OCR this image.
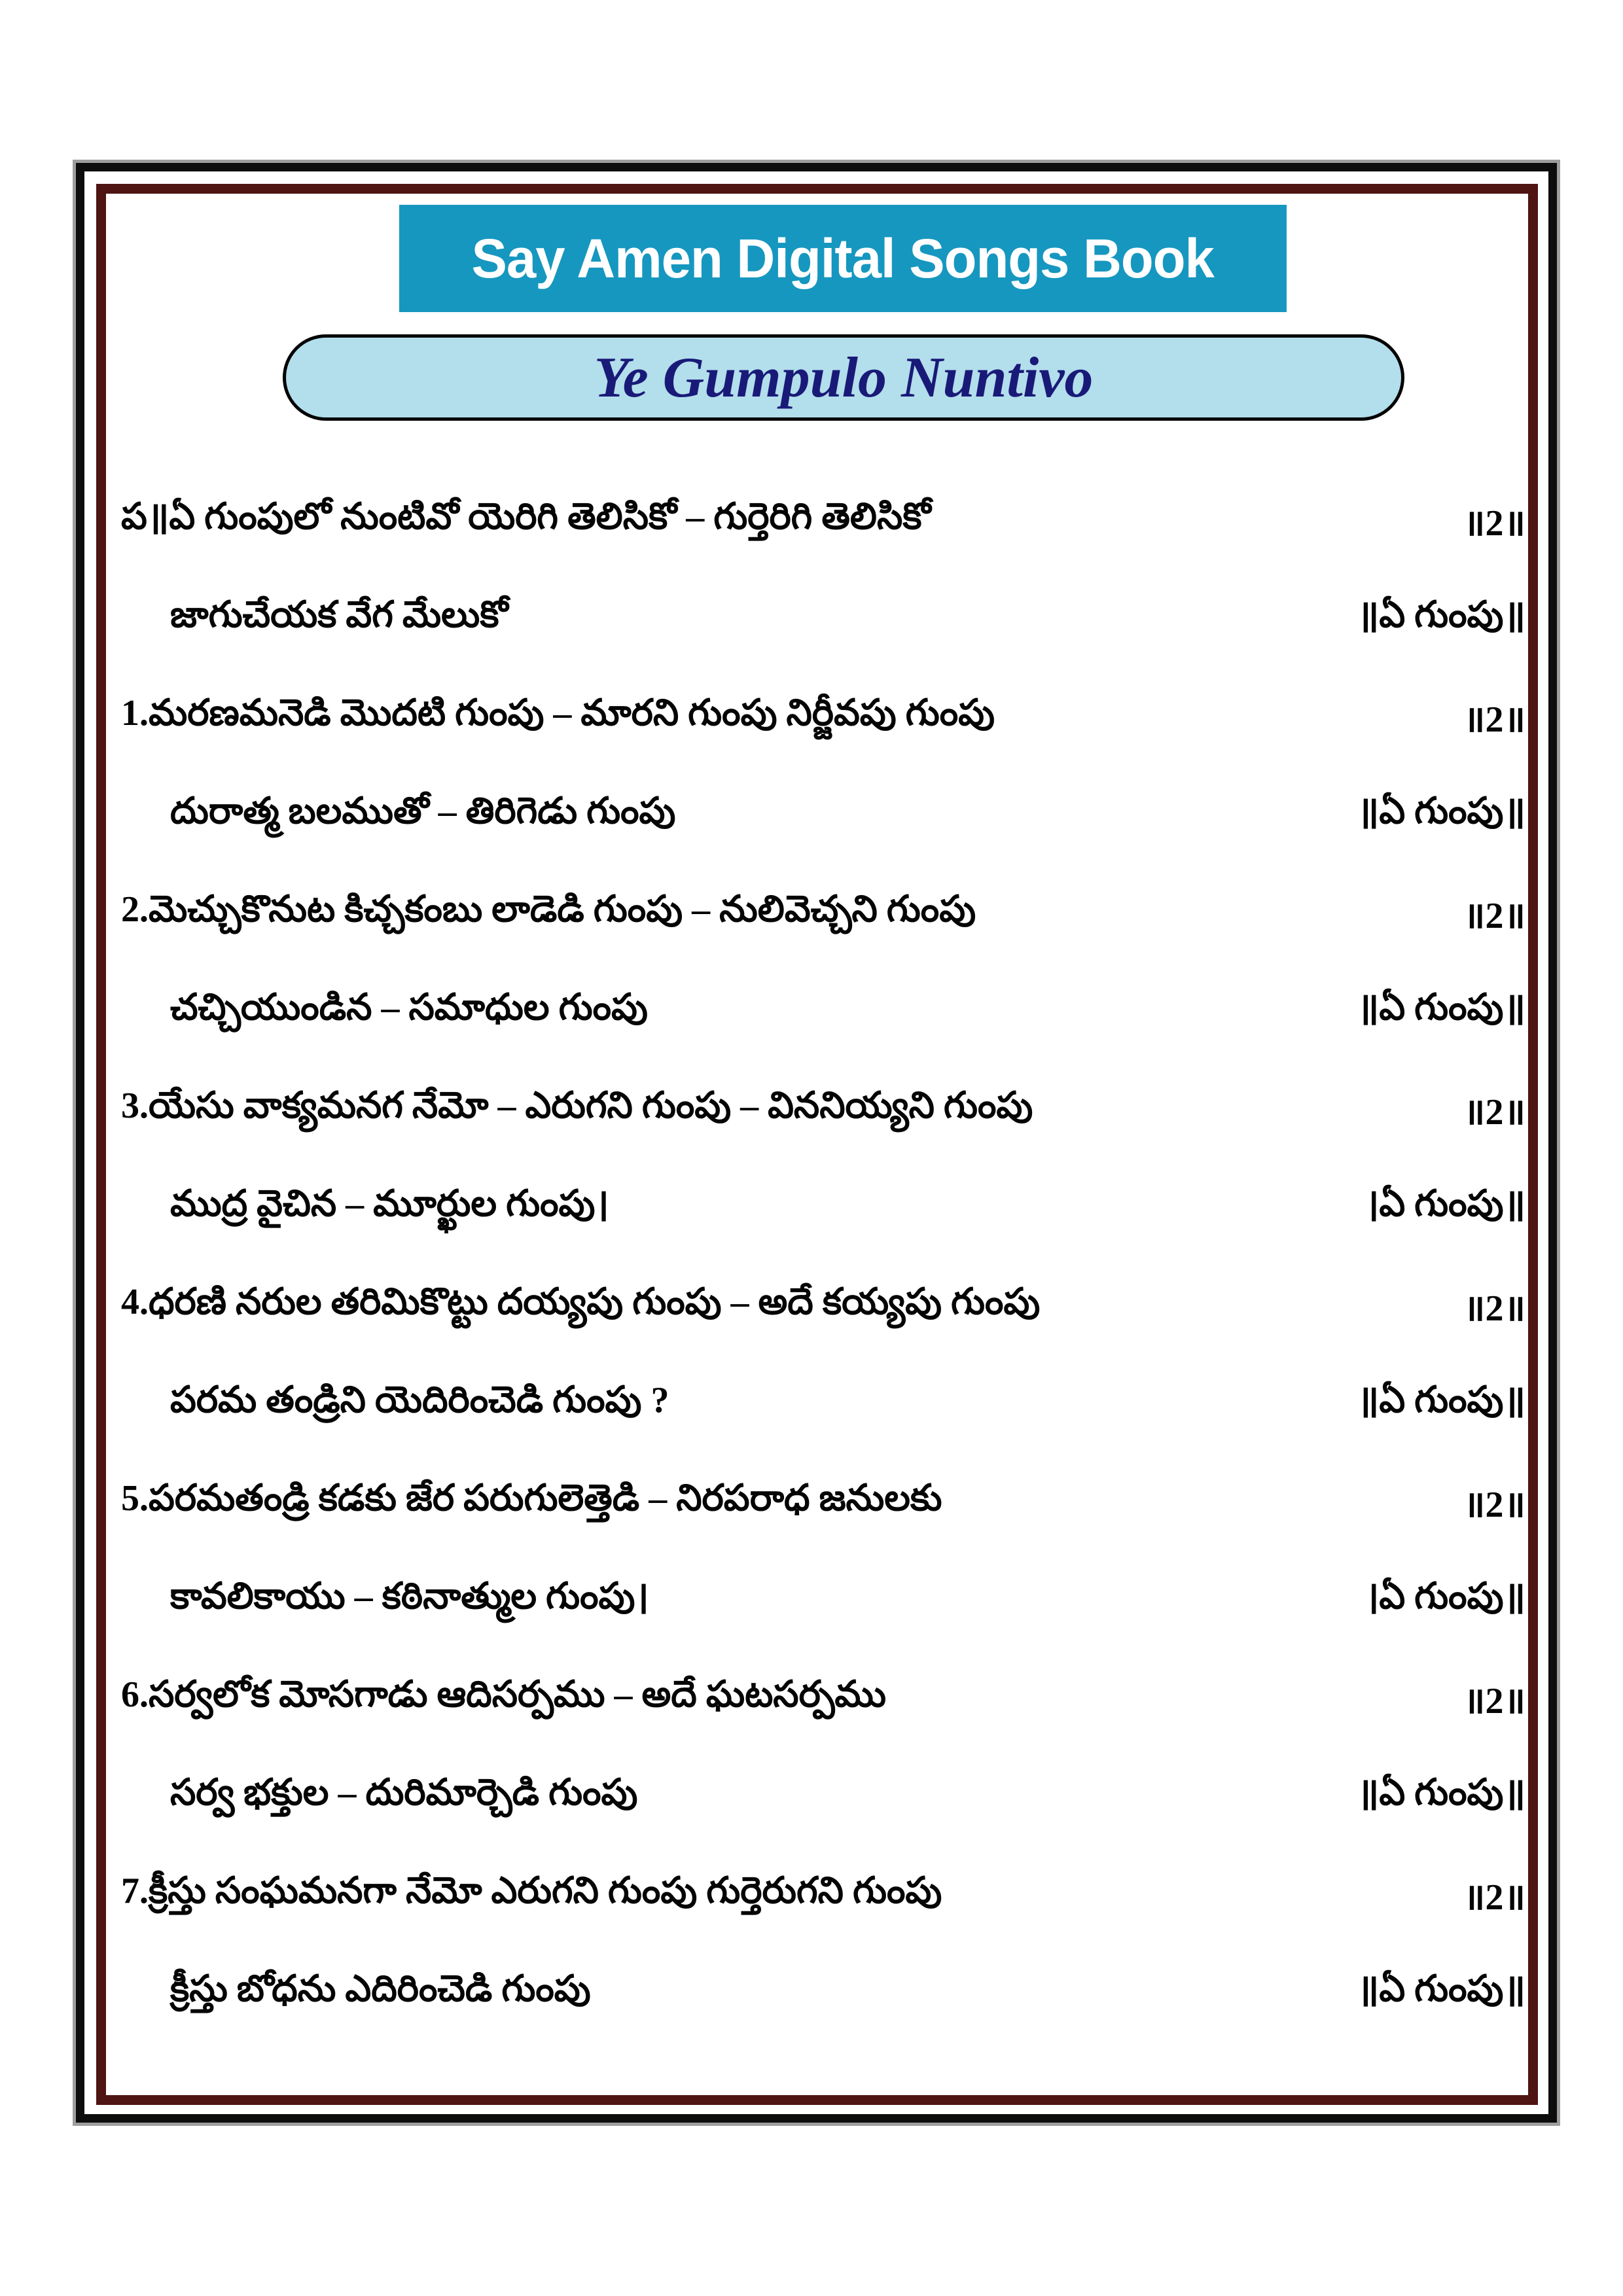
Say Amen Digital Songs Book
Ye Gumpulo Nuntivo
ప॥ఏ గుంపులో నుంటివో యెరిగి తెలిసికో – గుర్తెరిగి తెలిసికో	॥2॥
జాగుచేయక వేగ మేలుకో	॥ఏ గుంపు॥
1.మరణమనెడి మొదటి గుంపు – మారని గుంపు నిర్జీవపు గుంపు	॥2॥
దురాత్మ బలముతో – తిరిగెడు గుంపు	॥ఏ గుంపు॥
2.మెచ్చుకొనుట కిచ్చకంబు లాడెడి గుంపు – నులివెచ్చని గుంపు	॥2॥
చచ్చియుండిన – సమాధుల గుంపు	॥ఏ గుంపు॥
3.యేసు వాక్యమనగ నేమో – ఎరుగని గుంపు – విననియ్యని గుంపు	॥2॥
ముద్ర వైచిన – మూర్ఖుల గుంపు।	।ఏ గుంపు॥
4.ధరణి నరుల తరిమికొట్టు దయ్యపు గుంపు – అదే కయ్యపు గుంపు	॥2॥
పరమ తండ్రిని యెదిరించెడి గుంపు ?	॥ఏ గుంపు॥
5.పరమతండ్రి కడకు జేర పరుగులెత్తెడి – నిరపరాధ జనులకు	॥2॥
కావలికాయు – కఠినాత్ముల గుంపు।	।ఏ గుంపు॥
6.సర్వలోక మోసగాడు ఆదిసర్పము – అదే ఘటసర్పము	॥2॥
సర్వ భక్తుల – దురిమార్చెడి గుంపు	॥ఏ గుంపు॥
7.క్రీస్తు సంఘమనగా నేమో ఎరుగని గుంపు గుర్తెరుగని గుంపు	॥2॥
క్రీస్తు బోధను ఎదిరించెడి గుంపు	॥ఏ గుంపు॥
